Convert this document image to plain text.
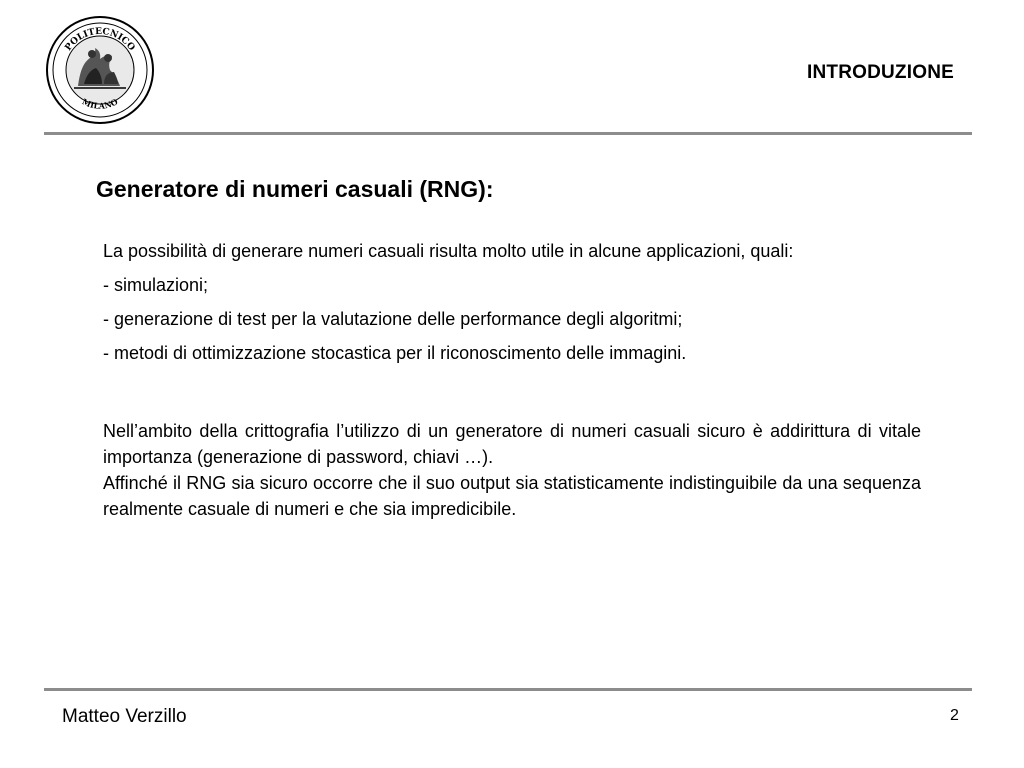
POLITECNICO
MILANO
INTRODUZIONE
Generatore di numeri casuali (RNG):

La possibilità di generare numeri casuali risulta molto utile in alcune applicazioni, quali:

- simulazioni;

- generazione di test per la valutazione delle performance degli algoritmi;

- metodi di ottimizzazione stocastica per il riconoscimento delle immagini.

Nell’ambito della crittografia l’utilizzo di un generatore di numeri casuali sicuro è addirittura di vitale importanza (generazione di password, chiavi …).

Affinché il RNG sia sicuro occorre che il suo output sia statisticamente indistinguibile da una sequenza realmente casuale di numeri e che sia impredicibile.

Matteo Verzillo	2
